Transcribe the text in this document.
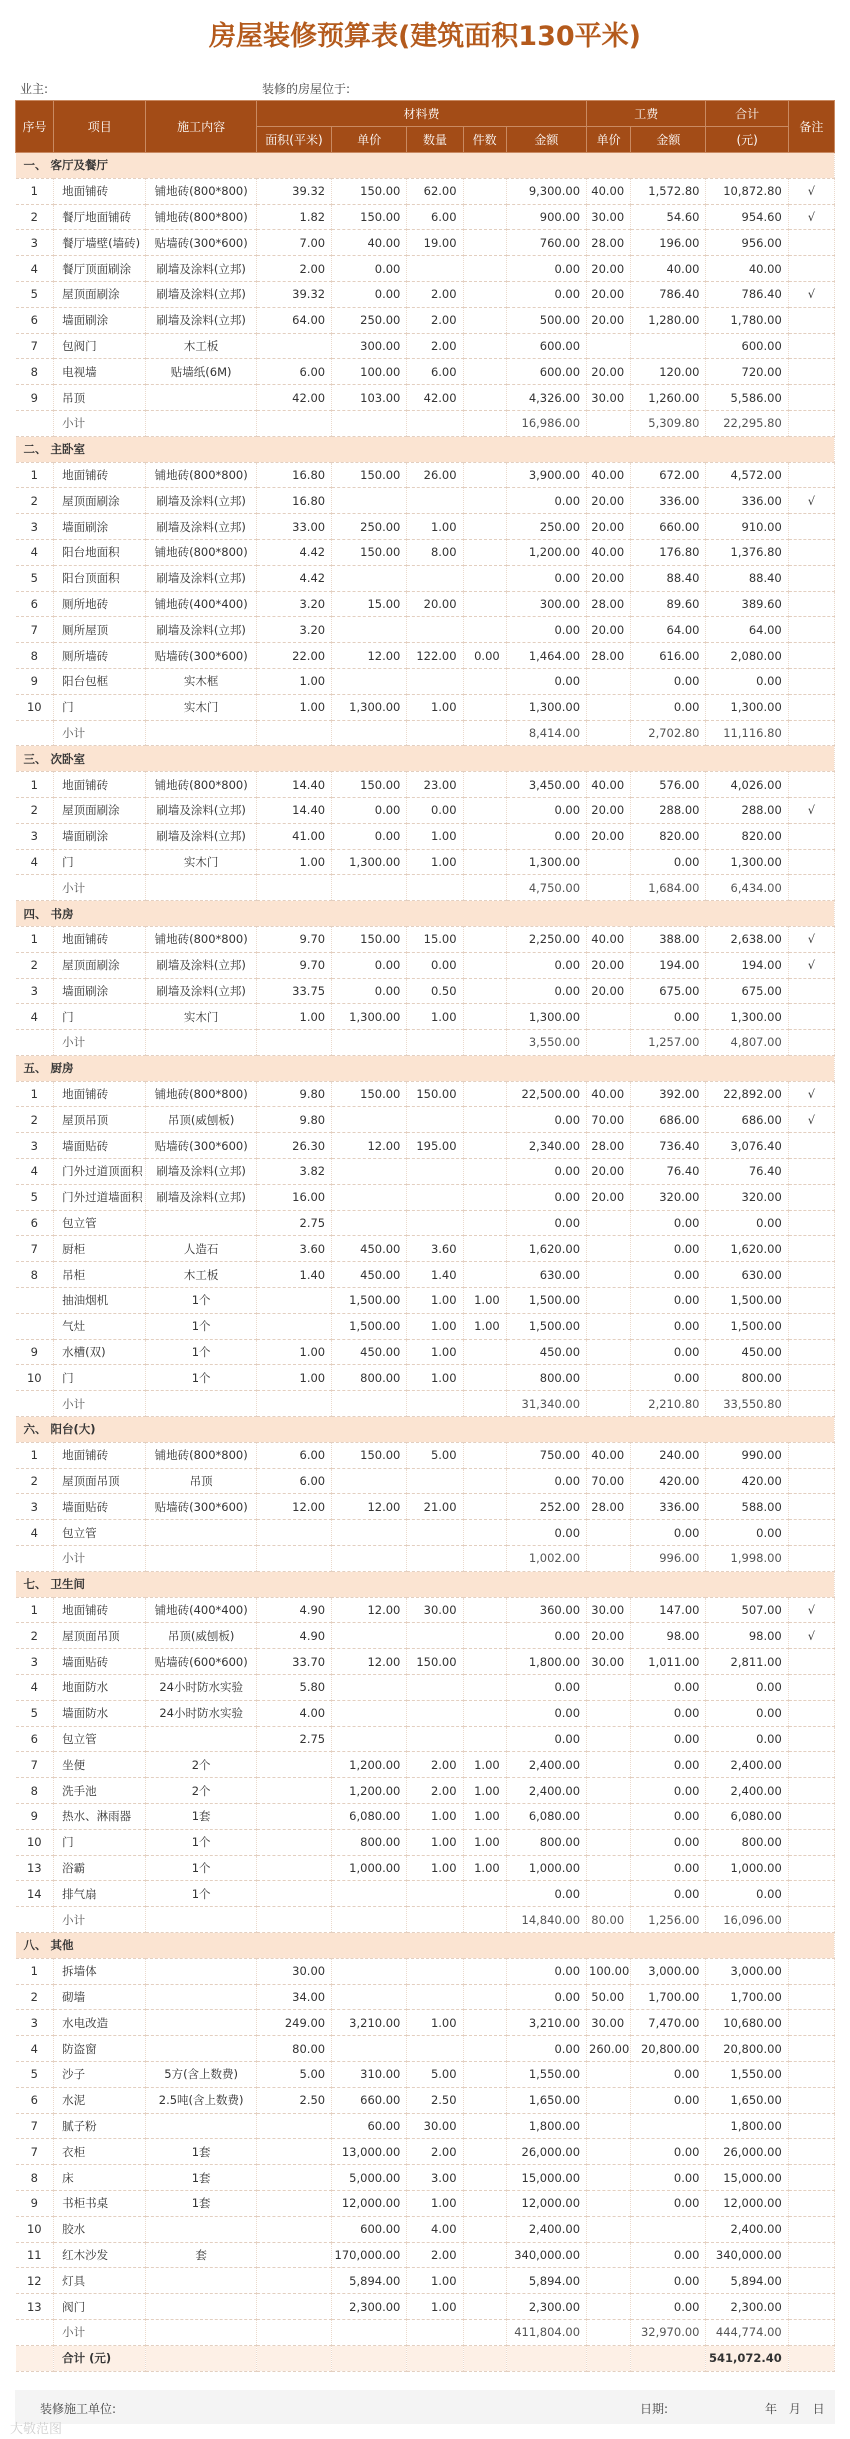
房屋装修预算表(建筑面积130平米)
业主:	装修的房屋位于:
序号	项目	施工内容	材料费					工费		合计	备注
			面积(平米)	单价	数量	件数	金额	单价	金额	(元)	
一、 客厅及餐厅											
1	地面铺砖	铺地砖(800*800)	39.32	150.00	62.00		9,300.00	40.00	1,572.80	10,872.80	√
2	餐厅地面铺砖	铺地砖(800*800)	1.82	150.00	6.00		900.00	30.00	54.60	954.60	√
3	餐厅墙壁(墙砖)	贴墙砖(300*600)	7.00	40.00	19.00		760.00	28.00	196.00	956.00	
4	餐厅顶面刷涂	刷墙及涂料(立邦)	2.00	0.00			0.00	20.00	40.00	40.00	
5	屋顶面刷涂	刷墙及涂料(立邦)	39.32	0.00	2.00		0.00	20.00	786.40	786.40	√
6	墙面刷涂	刷墙及涂料(立邦)	64.00	250.00	2.00		500.00	20.00	1,280.00	1,780.00	
7	包阀门	木工板		300.00	2.00		600.00			600.00	
8	电视墙	贴墙纸(6M)	6.00	100.00	6.00		600.00	20.00	120.00	720.00	
9	吊顶		42.00	103.00	42.00		4,326.00	30.00	1,260.00	5,586.00	
	小计						16,986.00		5,309.80	22,295.80	
二、 主卧室											
1	地面铺砖	铺地砖(800*800)	16.80	150.00	26.00		3,900.00	40.00	672.00	4,572.00	
2	屋顶面刷涂	刷墙及涂料(立邦)	16.80				0.00	20.00	336.00	336.00	√
3	墙面刷涂	刷墙及涂料(立邦)	33.00	250.00	1.00		250.00	20.00	660.00	910.00	
4	阳台地面积	铺地砖(800*800)	4.42	150.00	8.00		1,200.00	40.00	176.80	1,376.80	
5	阳台顶面积	刷墙及涂料(立邦)	4.42				0.00	20.00	88.40	88.40	
6	厕所地砖	铺地砖(400*400)	3.20	15.00	20.00		300.00	28.00	89.60	389.60	
7	厕所屋顶	刷墙及涂料(立邦)	3.20				0.00	20.00	64.00	64.00	
8	厕所墙砖	贴墙砖(300*600)	22.00	12.00	122.00	0.00	1,464.00	28.00	616.00	2,080.00	
9	阳台包框	实木框	1.00				0.00		0.00	0.00	
10	门	实木门	1.00	1,300.00	1.00		1,300.00		0.00	1,300.00	
	小计						8,414.00		2,702.80	11,116.80	
三、 次卧室											
1	地面铺砖	铺地砖(800*800)	14.40	150.00	23.00		3,450.00	40.00	576.00	4,026.00	
2	屋顶面刷涂	刷墙及涂料(立邦)	14.40	0.00	0.00		0.00	20.00	288.00	288.00	√
3	墙面刷涂	刷墙及涂料(立邦)	41.00	0.00	1.00		0.00	20.00	820.00	820.00	
4	门	实木门	1.00	1,300.00	1.00		1,300.00		0.00	1,300.00	
	小计						4,750.00		1,684.00	6,434.00	
四、 书房											
1	地面铺砖	铺地砖(800*800)	9.70	150.00	15.00		2,250.00	40.00	388.00	2,638.00	√
2	屋顶面刷涂	刷墙及涂料(立邦)	9.70	0.00	0.00		0.00	20.00	194.00	194.00	√
3	墙面刷涂	刷墙及涂料(立邦)	33.75	0.00	0.50		0.00	20.00	675.00	675.00	
4	门	实木门	1.00	1,300.00	1.00		1,300.00		0.00	1,300.00	
	小计						3,550.00		1,257.00	4,807.00	
五、 厨房											
1	地面铺砖	铺地砖(800*800)	9.80	150.00	150.00		22,500.00	40.00	392.00	22,892.00	√
2	屋顶吊顶	吊顶(威刨板)	9.80				0.00	70.00	686.00	686.00	√
3	墙面贴砖	贴墙砖(300*600)	26.30	12.00	195.00		2,340.00	28.00	736.40	3,076.40	
4	门外过道顶面积	刷墙及涂料(立邦)	3.82				0.00	20.00	76.40	76.40	
5	门外过道墙面积	刷墙及涂料(立邦)	16.00				0.00	20.00	320.00	320.00	
6	包立管		2.75				0.00		0.00	0.00	
7	厨柜	人造石	3.60	450.00	3.60		1,620.00		0.00	1,620.00	
8	吊柜	木工板	1.40	450.00	1.40		630.00		0.00	630.00	
	抽油烟机	1个		1,500.00	1.00	1.00	1,500.00		0.00	1,500.00	
	气灶	1个		1,500.00	1.00	1.00	1,500.00		0.00	1,500.00	
9	水槽(双)	1个	1.00	450.00	1.00		450.00		0.00	450.00	
10	门	1个	1.00	800.00	1.00		800.00		0.00	800.00	
	小计						31,340.00		2,210.80	33,550.80	
六、 阳台(大)											
1	地面铺砖	铺地砖(800*800)	6.00	150.00	5.00		750.00	40.00	240.00	990.00	
2	屋顶面吊顶	吊顶	6.00				0.00	70.00	420.00	420.00	
3	墙面贴砖	贴墙砖(300*600)	12.00	12.00	21.00		252.00	28.00	336.00	588.00	
4	包立管						0.00		0.00	0.00	
	小计						1,002.00		996.00	1,998.00	
七、 卫生间											
1	地面铺砖	铺地砖(400*400)	4.90	12.00	30.00		360.00	30.00	147.00	507.00	√
2	屋顶面吊顶	吊顶(威刨板)	4.90				0.00	20.00	98.00	98.00	√
3	墙面贴砖	贴墙砖(600*600)	33.70	12.00	150.00		1,800.00	30.00	1,011.00	2,811.00	
4	地面防水	24小时防水实验	5.80				0.00		0.00	0.00	
5	墙面防水	24小时防水实验	4.00				0.00		0.00	0.00	
6	包立管		2.75				0.00		0.00	0.00	
7	坐便	2个		1,200.00	2.00	1.00	2,400.00		0.00	2,400.00	
8	洗手池	2个		1,200.00	2.00	1.00	2,400.00		0.00	2,400.00	
9	热水、淋雨器	1套		6,080.00	1.00	1.00	6,080.00		0.00	6,080.00	
10	门	1个		800.00	1.00	1.00	800.00		0.00	800.00	
13	浴霸	1个		1,000.00	1.00	1.00	1,000.00		0.00	1,000.00	
14	排气扇	1个					0.00		0.00	0.00	
	小计						14,840.00	80.00	1,256.00	16,096.00	
八、 其他											
1	拆墙体		30.00				0.00	100.00	3,000.00	3,000.00	
2	砌墙		34.00				0.00	50.00	1,700.00	1,700.00	
3	水电改造		249.00	3,210.00	1.00		3,210.00	30.00	7,470.00	10,680.00	
4	防盗窗		80.00				0.00	260.00	20,800.00	20,800.00	
5	沙子	5方(含上数费)	5.00	310.00	5.00		1,550.00		0.00	1,550.00	
6	水泥	2.5吨(含上数费)	2.50	660.00	2.50		1,650.00		0.00	1,650.00	
7	腻子粉			60.00	30.00		1,800.00			1,800.00	
7	衣柜	1套		13,000.00	2.00		26,000.00		0.00	26,000.00	
8	床	1套		5,000.00	3.00		15,000.00		0.00	15,000.00	
9	书柜书桌	1套		12,000.00	1.00		12,000.00		0.00	12,000.00	
10	胶水			600.00	4.00		2,400.00			2,400.00	
11	红木沙发	套		170,000.00	2.00		340,000.00		0.00	340,000.00	
12	灯具			5,894.00	1.00		5,894.00		0.00	5,894.00	
13	阀门			2,300.00	1.00		2,300.00		0.00	2,300.00	
	小计						411,804.00		32,970.00	444,774.00	
	合计 (元)									541,072.40	
装修施工单位:	日期:	年 月 日
大敬范图
